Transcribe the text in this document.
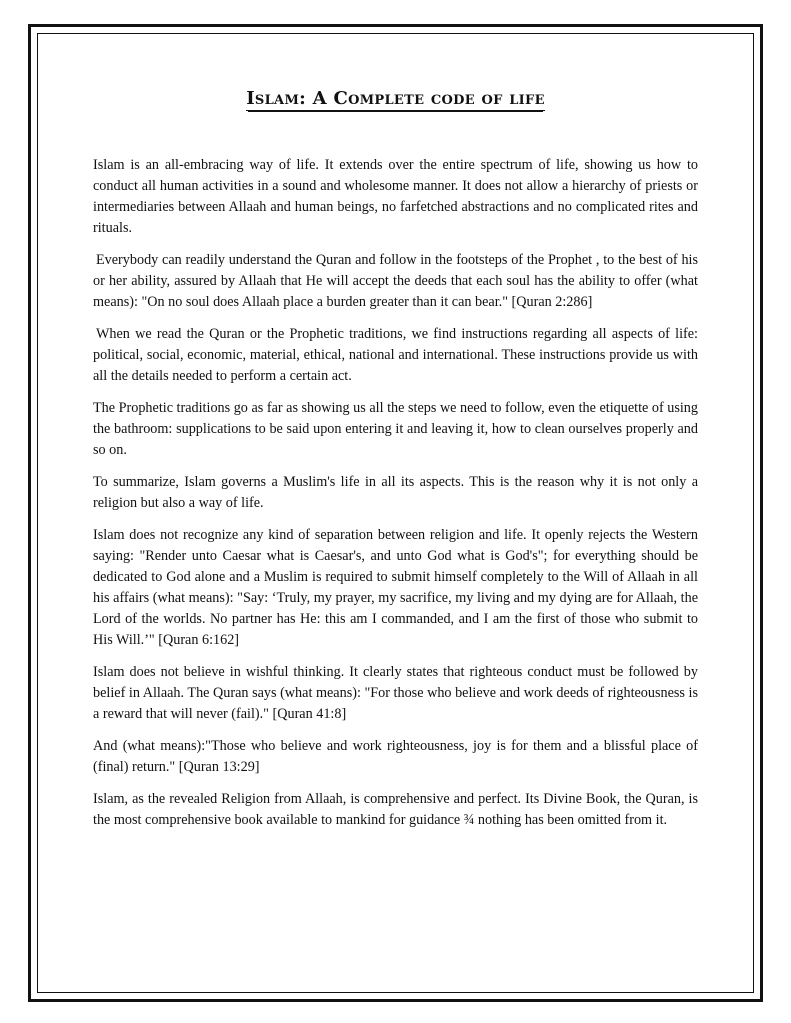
Islam: A Complete code of life

Islam is an all-embracing way of life. It extends over the entire spectrum of life, showing us how to conduct all human activities in a sound and wholesome manner. It does not allow a hierarchy of priests or intermediaries between Allaah and human beings, no farfetched abstractions and no complicated rites and rituals.

Everybody can readily understand the Quran and follow in the footsteps of the Prophet , to the best of his or her ability, assured by Allaah that He will accept the deeds that each soul has the ability to offer (what means): "On no soul does Allaah place a burden greater than it can bear." [Quran 2:286]

When we read the Quran or the Prophetic traditions, we find instructions regarding all aspects of life: political, social, economic, material, ethical, national and international. These instructions provide us with all the details needed to perform a certain act.

The Prophetic traditions go as far as showing us all the steps we need to follow, even the etiquette of using the bathroom: supplications to be said upon entering it and leaving it, how to clean ourselves properly and so on.

To summarize, Islam governs a Muslim's life in all its aspects. This is the reason why it is not only a religion but also a way of life.

Islam does not recognize any kind of separation between religion and life. It openly rejects the Western saying: "Render unto Caesar what is Caesar's, and unto God what is God's"; for everything should be dedicated to God alone and a Muslim is required to submit himself completely to the Will of Allaah in all his affairs (what means): "Say: ‘Truly, my prayer, my sacrifice, my living and my dying are for Allaah, the Lord of the worlds. No partner has He: this am I commanded, and I am the first of those who submit to His Will.’" [Quran 6:162]

Islam does not believe in wishful thinking. It clearly states that righteous conduct must be followed by belief in Allaah. The Quran says (what means): "For those who believe and work deeds of righteousness is a reward that will never (fail)." [Quran 41:8]

And (what means):"Those who believe and work righteousness, joy is for them and a blissful place of (final) return." [Quran 13:29]

Islam, as the revealed Religion from Allaah, is comprehensive and perfect. Its Divine Book, the Quran, is the most comprehensive book available to mankind for guidance ¾ nothing has been omitted from it.
